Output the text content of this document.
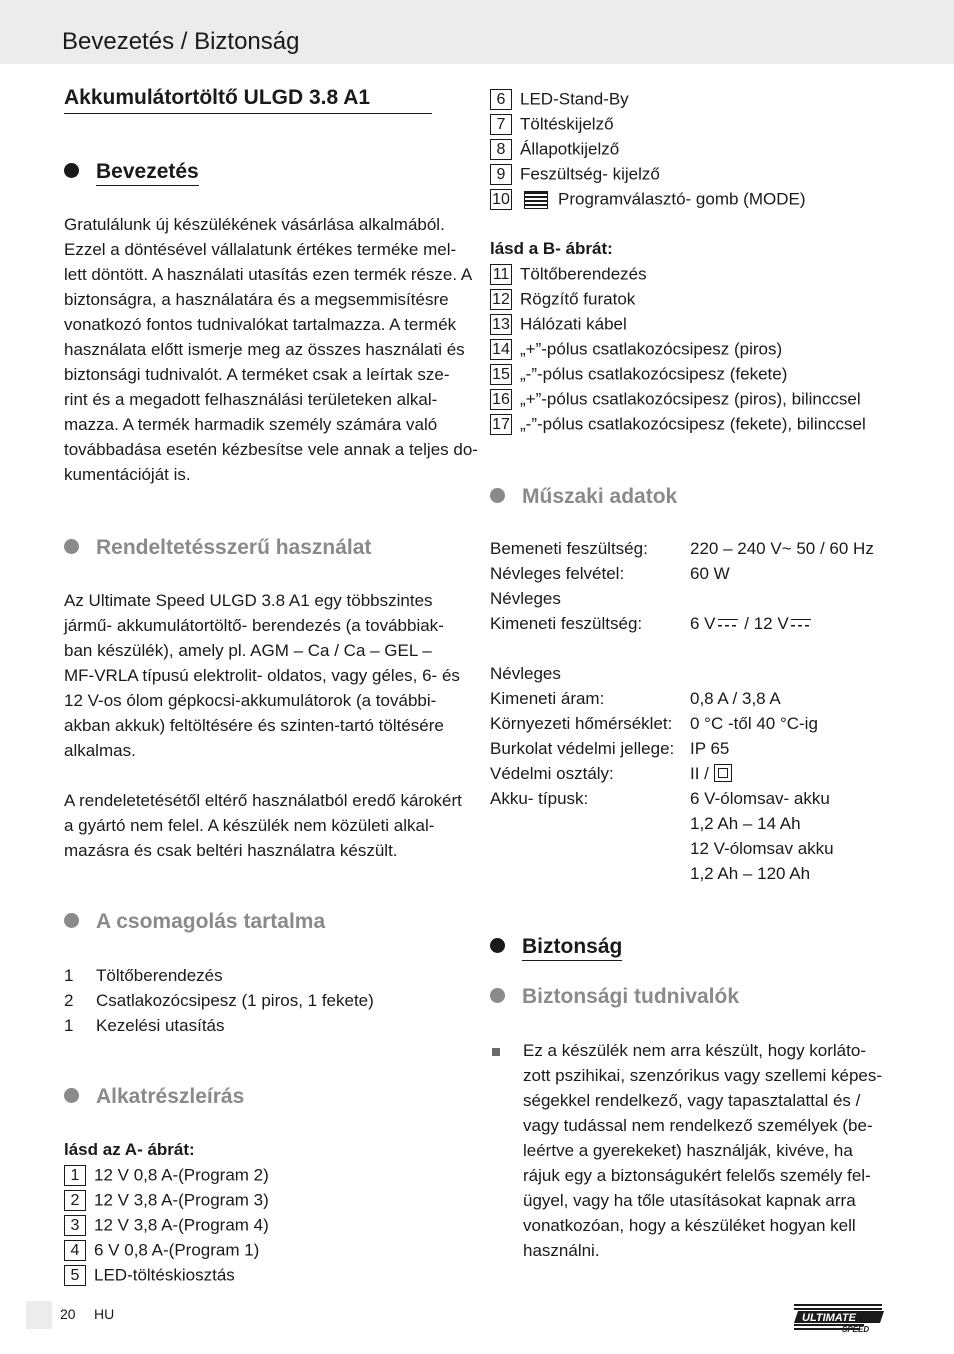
Bevezetés / Biztonság
Akkumulátortöltő ULGD 3.8 A1
Bevezetés
Gratulálunk új készülékének vásárlása alkalmából.
Ezzel a döntésével vállalatunk értékes terméke mel-
lett döntött. A használati utasítás ezen termék része. A
biztonságra, a használatára és a megsemmisítésre
vonatkozó fontos tudnivalókat tartalmazza. A termék
használata előtt ismerje meg az összes használati és
biztonsági tudnivalót. A terméket csak a leírtak sze-
rint és a megadott felhasználási területeken alkal-
mazza. A termék harmadik személy számára való
továbbadása esetén kézbesítse vele annak a teljes do-
kumentációját is.
Rendeltetésszerű használat
Az Ultimate Speed ULGD 3.8 A1 egy többszintes
jármű- akkumulátortöltő- berendezés (a továbbiak-
ban készülék), amely pl. AGM – Ca / Ca – GEL –
MF-VRLA típusú elektrolit- oldatos, vagy géles, 6- és
12 V-os ólom gépkocsi-akkumulátorok (a további-
akban akkuk) feltöltésére és szinten-tartó töltésére
alkalmas.
A rendeletetésétől eltérő használatból eredő károkért
a gyártó nem felel. A készülék nem közületi alkal-
mazásra és csak beltéri használatra készült.
A csomagolás tartalma
1 Töltőberendezés
2 Csatlakozócsipesz (1 piros, 1 fekete)
1 Kezelési utasítás
Alkatrészleírás
lásd az A- ábrát:
1 12 V 0,8 A-(Program 2)
2 12 V 3,8 A-(Program 3)
3 12 V 3,8 A-(Program 4)
4 6 V 0,8 A-(Program 1)
5 LED-töltéskiosztás
6 LED-Stand-By
7 Töltéskijelző
8 Állapotkijelző
9 Feszültség- kijelző
10	Programválasztó- gomb (MODE)
lásd a B- ábrát:
11 Töltőberendezés
12 Rögzítő furatok
13 Hálózati kábel
14 „+”-pólus csatlakozócsipesz (piros)
15 „-”-pólus csatlakozócsipesz (fekete)
16 „+”-pólus csatlakozócsipesz (piros), bilinccsel
17 „-”-pólus csatlakozócsipesz (fekete), bilinccsel
Műszaki adatok
Bemeneti feszültség: 220 – 240 V~ 50 / 60 Hz
Névleges felvétel:	60 W
Névleges
Kimeneti feszültség:	6 V / 12 V
Névleges
Kimeneti áram:	0,8 A / 3,8 A
Környezeti hőmérséklet: 0 °C -től 40 °C-ig
Burkolat védelmi jellege: IP 65
Védelmi osztály:	II /
Akku- típusk:	6 V-ólomsav- akku
1,2 Ah – 14 Ah
12 V-ólomsav akku
1,2 Ah – 120 Ah
Biztonság
Biztonsági tudnivalók
Ez a készülék nem arra készült, hogy korláto-
zott pszihikai, szenzórikus vagy szellemi képes-
ségekkel rendelkező, vagy tapasztalattal és /
vagy tudással nem rendelkező személyek (be-
leértve a gyerekeket) használják, kivéve, ha
rájuk egy a biztonságukért felelős személy fel-
ügyel, vagy ha tőle utasításokat kapnak arra
vonatkozóan, hogy a készüléket hogyan kell
használni.
20 HU	ULTIMATE
SPEED
